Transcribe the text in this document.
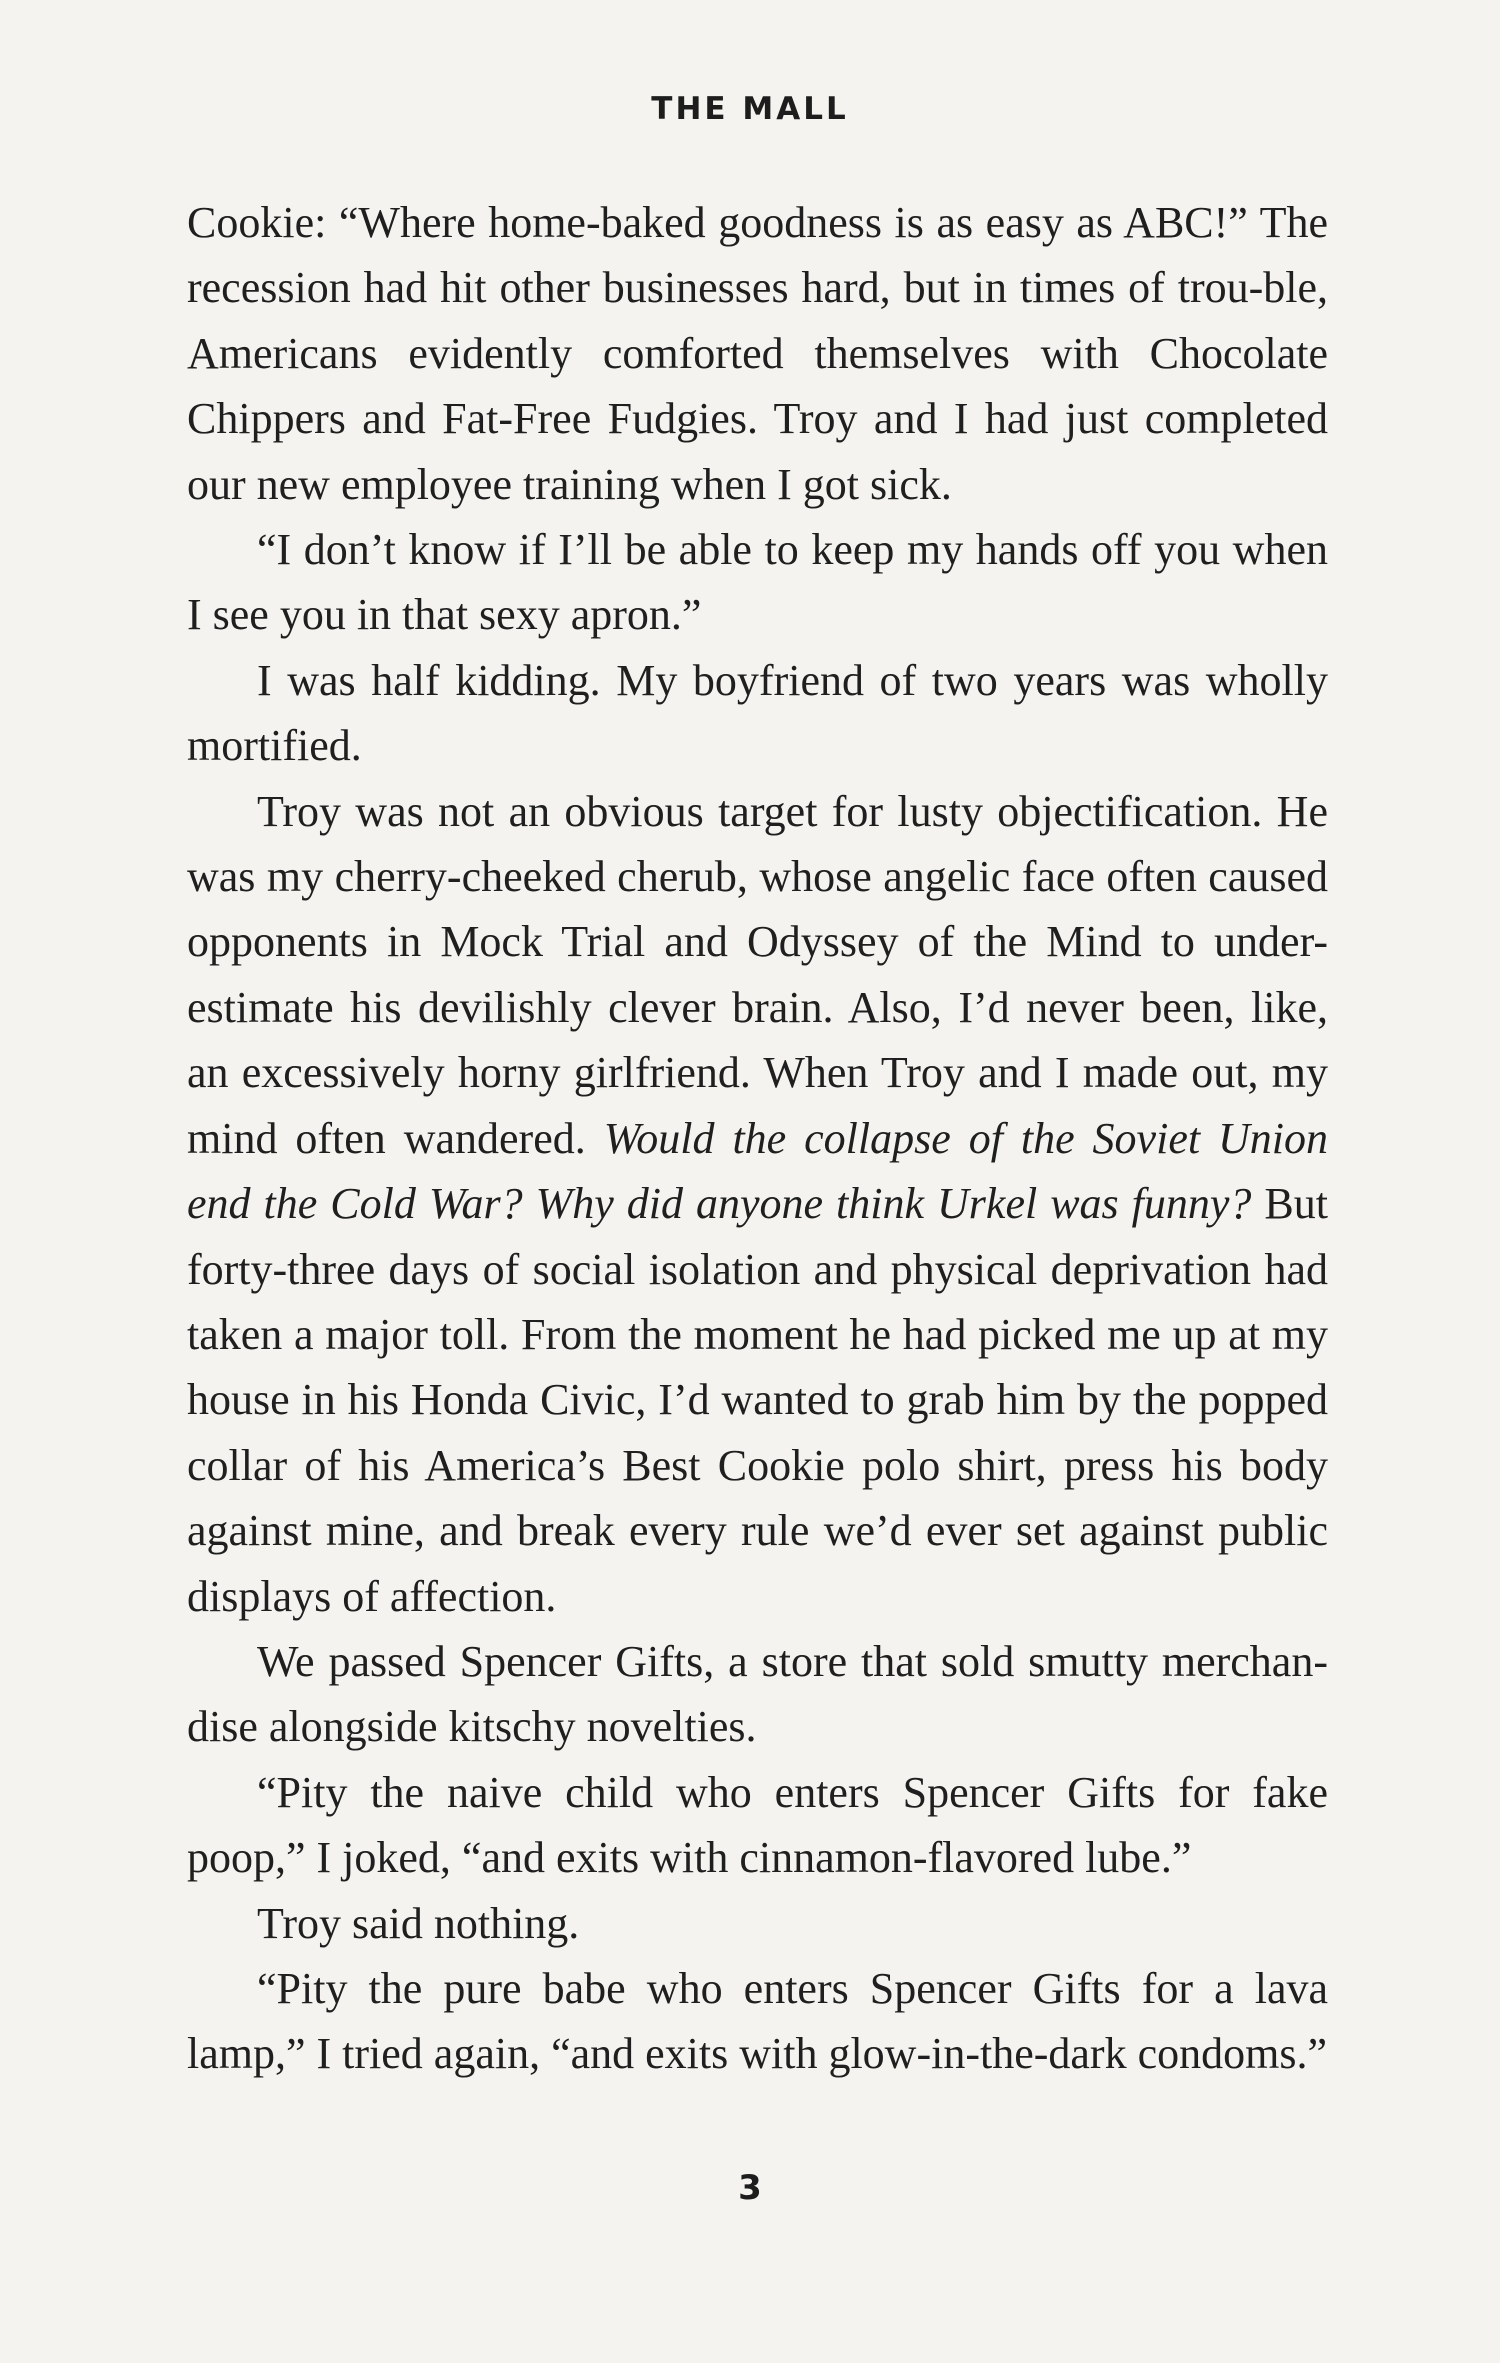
THE MALL

Cookie: “Where home-baked goodness is as easy as ABC!” The recession had hit other businesses hard, but in times of trou-ble, Americans evidently comforted themselves with Chocolate Chippers and Fat-Free Fudgies. Troy and I had just completed our new employee training when I got sick.

“I don’t know if I’ll be able to keep my hands off you when I see you in that sexy apron.”

I was half kidding. My boyfriend of two years was wholly mortified.

Troy was not an obvious target for lusty objectification. He was my cherry-cheeked cherub, whose angelic face often caused opponents in Mock Trial and Odyssey of the Mind to under-estimate his devilishly clever brain. Also, I’d never been, like, an excessively horny girlfriend. When Troy and I made out, my mind often wandered. Would the collapse of the Soviet Union end the Cold War? Why did anyone think Urkel was funny? But forty-three days of social isolation and physical deprivation had taken a major toll. From the moment he had picked me up at my house in his Honda Civic, I’d wanted to grab him by the popped collar of his America’s Best Cookie polo shirt, press his body against mine, and break every rule we’d ever set against public displays of affection.

We passed Spencer Gifts, a store that sold smutty merchan-dise alongside kitschy novelties.

“Pity the naive child who enters Spencer Gifts for fake poop,” I joked, “and exits with cinnamon-flavored lube.”

Troy said nothing.

“Pity the pure babe who enters Spencer Gifts for a lava lamp,” I tried again, “and exits with glow-in-the-dark condoms.”

3
